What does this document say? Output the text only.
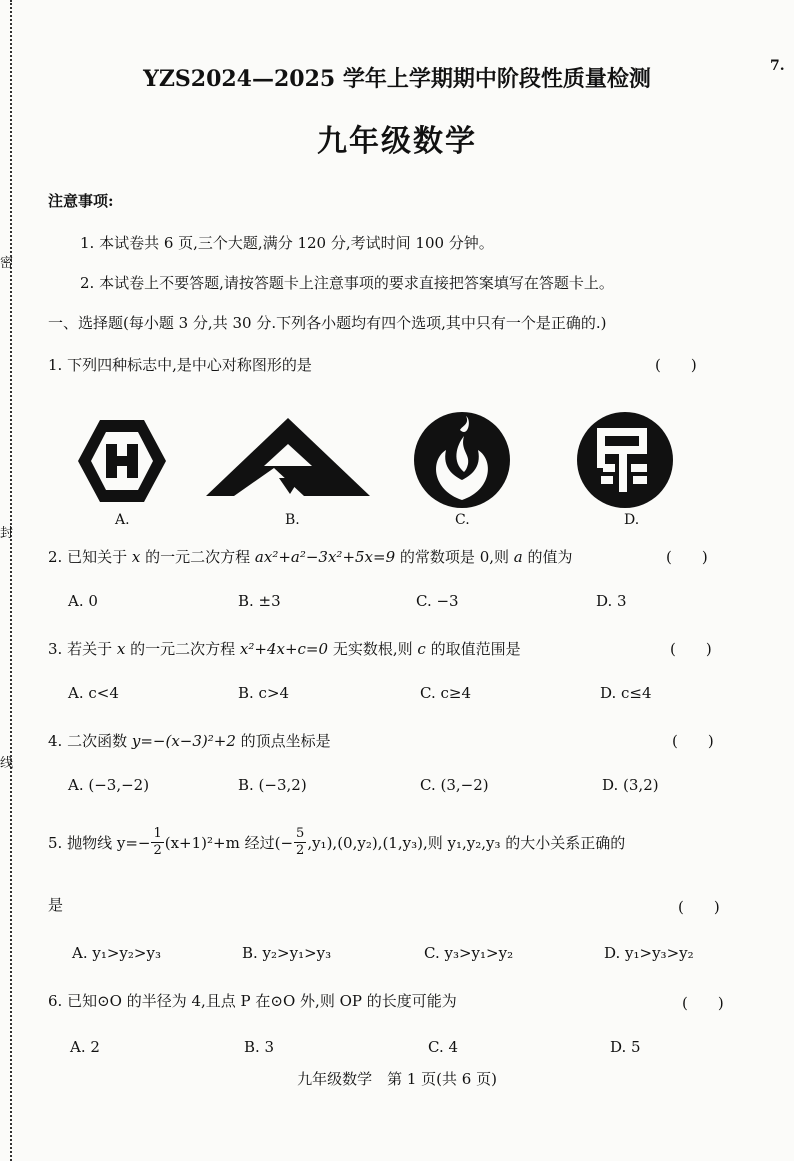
密
封
线
7.
YZS2024—2025 学年上学期期中阶段性质量检测
九年级数学
注意事项:
1. 本试卷共 6 页,三个大题,满分 120 分,考试时间 100 分钟。
2. 本试卷上不要答题,请按答题卡上注意事项的要求直接把答案填写在答题卡上。
一、选择题(每小题 3 分,共 30 分.下列各小题均有四个选项,其中只有一个是正确的.)
1. 下列四种标志中,是中心对称图形的是	(　　)
A.	B.	C.	D.
2. 已知关于 x 的一元二次方程 ax²+a²−3x²+5x=9 的常数项是 0,则 a 的值为	(　　)
A. 0	B. ±3	C. −3	D. 3
3. 若关于 x 的一元二次方程 x²+4x+c=0 无实数根,则 c 的取值范围是	(　　)
A. c<4	B. c>4	C. c≥4	D. c≤4
4. 二次函数 y=−(x−3)²+2 的顶点坐标是	(　　)
A. (−3,−2)	B. (−3,2)	C. (3,−2)	D. (3,2)
5. 抛物线 $y=- \frac{1}{2} (x+1)^2+m$ 经过(− $\frac{5}{2} ,y_1),(0,y_2),(1,y_3)$,则 y₁,y₂,y₃ 的大小关系正确的
是	(　　)
A. y₁>y₂>y₃	B. y₂>y₁>y₃	C. y₃>y₁>y₂	D. y₁>y₃>y₂
6. 已知⊙O 的半径为 4,且点 P 在⊙O 外,则 OP 的长度可能为	(　　)
A. 2	B. 3	C. 4	D. 5
九年级数学　第 1 页(共 6 页)
